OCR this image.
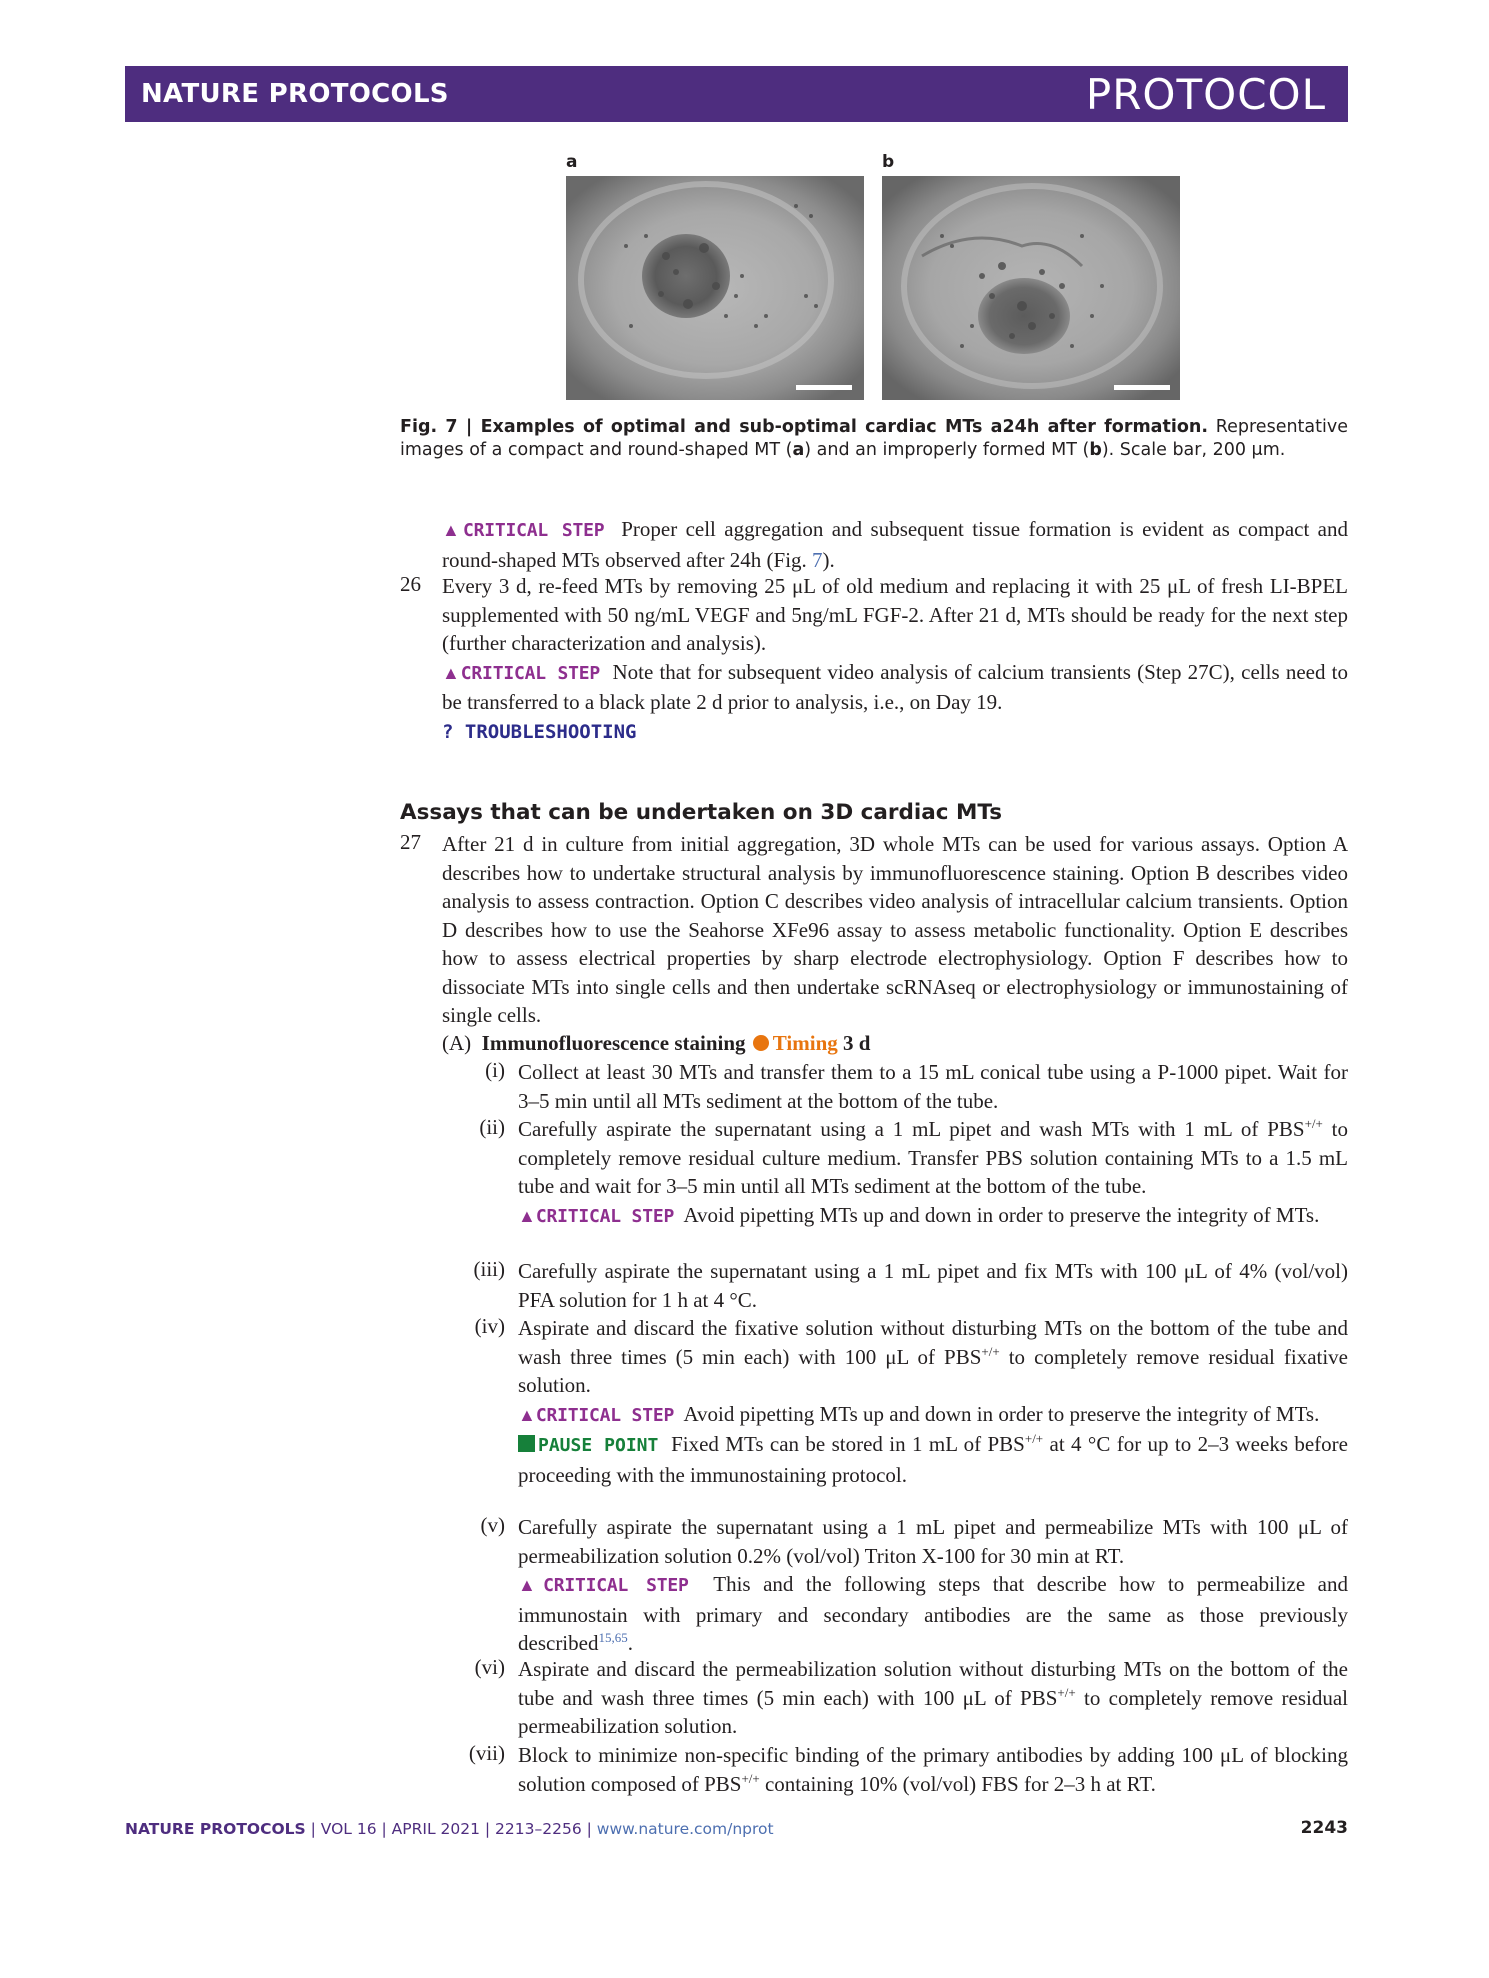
NATURE PROTOCOLS	PROTOCOL
a	b
Fig. 7 | Examples of optimal and sub-optimal cardiac MTs a24h after formation. Representative images of a compact and round-shaped MT (a) and an improperly formed MT (b). Scale bar, 200 μm.
▲CRITICAL STEP Proper cell aggregation and subsequent tissue formation is evident as compact and round-shaped MTs observed after 24h (Fig. 7).
26 Every 3 d, re-feed MTs by removing 25 μL of old medium and replacing it with 25 μL of fresh LI-BPEL supplemented with 50 ng/mL VEGF and 5ng/mL FGF-2. After 21 d, MTs should be ready for the next step (further characterization and analysis).
▲CRITICAL STEP Note that for subsequent video analysis of calcium transients (Step 27C), cells need to be transferred to a black plate 2 d prior to analysis, i.e., on Day 19.
? TROUBLESHOOTING
Assays that can be undertaken on 3D cardiac MTs
27 After 21 d in culture from initial aggregation, 3D whole MTs can be used for various assays. Option A describes how to undertake structural analysis by immunofluorescence staining. Option B describes video analysis to assess contraction. Option C describes video analysis of intracellular calcium transients. Option D describes how to use the Seahorse XFe96 assay to assess metabolic functionality. Option E describes how to assess electrical properties by sharp electrode electrophysiology. Option F describes how to dissociate MTs into single cells and then undertake scRNAseq or electrophysiology or immunostaining of single cells.
(A) Immunofluorescence staining Timing 3 d
(i) Collect at least 30 MTs and transfer them to a 15 mL conical tube using a P-1000 pipet. Wait for 3–5 min until all MTs sediment at the bottom of the tube.
(ii) Carefully aspirate the supernatant using a 1 mL pipet and wash MTs with 1 mL of PBS+/+ to completely remove residual culture medium. Transfer PBS solution containing MTs to a 1.5 mL tube and wait for 3–5 min until all MTs sediment at the bottom of the tube.
▲CRITICAL STEP Avoid pipetting MTs up and down in order to preserve the integrity of MTs.
(iii) Carefully aspirate the supernatant using a 1 mL pipet and fix MTs with 100 μL of 4% (vol/vol) PFA solution for 1 h at 4 °C.
(iv) Aspirate and discard the fixative solution without disturbing MTs on the bottom of the tube and wash three times (5 min each) with 100 μL of PBS+/+ to completely remove residual fixative solution.
▲CRITICAL STEP Avoid pipetting MTs up and down in order to preserve the integrity of MTs.
PAUSE POINT Fixed MTs can be stored in 1 mL of PBS+/+ at 4 °C for up to 2–3 weeks before proceeding with the immunostaining protocol.
(v) Carefully aspirate the supernatant using a 1 mL pipet and permeabilize MTs with 100 μL of permeabilization solution 0.2% (vol/vol) Triton X-100 for 30 min at RT.
▲CRITICAL STEP This and the following steps that describe how to permeabilize and immunostain with primary and secondary antibodies are the same as those previously described$^{15,65}$.
(vi) Aspirate and discard the permeabilization solution without disturbing MTs on the bottom of the tube and wash three times (5 min each) with 100 μL of PBS+/+ to completely remove residual permeabilization solution.
(vii) Block to minimize non-specific binding of the primary antibodies by adding 100 μL of blocking solution composed of PBS+/+ containing 10% (vol/vol) FBS for 2–3 h at RT.
NATURE PROTOCOLS | VOL 16 | APRIL 2021 | 2213–2256 | www.nature.com/nprot	2243
